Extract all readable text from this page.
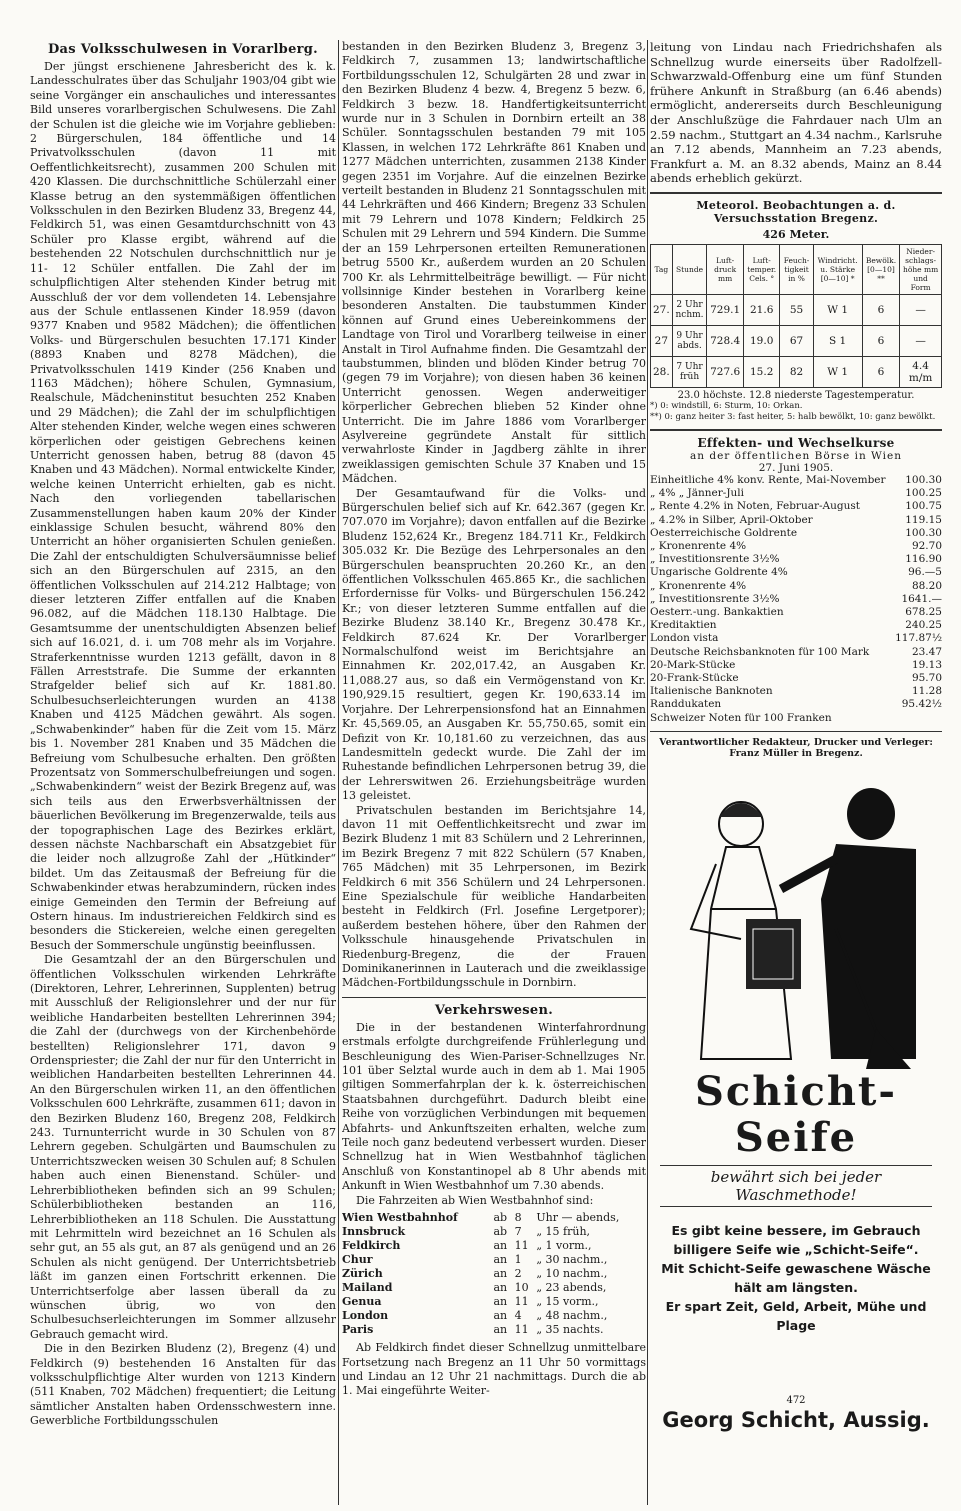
Das Volksschulwesen in Vorarlberg.

Der jüngst erschienene Jahresbericht des k. k. Landesschulrates über das Schuljahr 1903/04 gibt wie seine Vorgänger ein anschauliches und interessantes Bild unseres vorarlbergischen Schulwesens. Die Zahl der Schulen ist die gleiche wie im Vorjahre geblieben: 2 Bürgerschulen, 184 öffentliche und 14 Privatvolksschulen (davon 11 mit Oeffentlichkeitsrecht), zusammen 200 Schulen mit 420 Klassen. Die durchschnittliche Schülerzahl einer Klasse betrug an den systemmäßigen öffentlichen Volksschulen in den Bezirken Bludenz 33, Bregenz 44, Feldkirch 51, was einen Gesamtdurchschnitt von 43 Schüler pro Klasse ergibt, während auf die bestehenden 22 Notschulen durchschnittlich nur je 11- 12 Schüler entfallen. Die Zahl der im schulpflichtigen Alter stehenden Kinder betrug mit Ausschluß der vor dem vollendeten 14. Lebensjahre aus der Schule entlassenen Kinder 18.959 (davon 9377 Knaben und 9582 Mädchen); die öffentlichen Volks- und Bürgerschulen besuchten 17.171 Kinder (8893 Knaben und 8278 Mädchen), die Privatvolksschulen 1419 Kinder (256 Knaben und 1163 Mädchen); höhere Schulen, Gymnasium, Realschule, Mädcheninstitut besuchten 252 Knaben und 29 Mädchen); die Zahl der im schulpflichtigen Alter stehenden Kinder, welche wegen eines schweren körperlichen oder geistigen Gebrechens keinen Unterricht genossen haben, betrug 88 (davon 45 Knaben und 43 Mädchen). Normal entwickelte Kinder, welche keinen Unterricht erhielten, gab es nicht. Nach den vorliegenden tabellarischen Zusammenstellungen haben kaum 20% der Kinder einklassige Schulen besucht, während 80% den Unterricht an höher organisierten Schulen genießen. Die Zahl der entschuldigten Schulversäumnisse belief sich an den Bürgerschulen auf 2315, an den öffentlichen Volksschulen auf 214.212 Halbtage; von dieser letzteren Ziffer entfallen auf die Knaben 96.082, auf die Mädchen 118.130 Halbtage. Die Gesamtsumme der unentschuldigten Absenzen belief sich auf 16.021, d. i. um 708 mehr als im Vorjahre. Straferkenntnisse wurden 1213 gefällt, davon in 8 Fällen Arreststrafe. Die Summe der erkannten Strafgelder belief sich auf Kr. 1881.80. Schulbesuchserleichterungen wurden an 4138 Knaben und 4125 Mädchen gewährt. Als sogen. „Schwabenkinder“ haben für die Zeit vom 15. März bis 1. November 281 Knaben und 35 Mädchen die Befreiung vom Schulbesuche erhalten. Den größten Prozentsatz von Sommerschulbefreiungen und sogen. „Schwabenkindern“ weist der Bezirk Bregenz auf, was sich teils aus den Erwerbsverhältnissen der bäuerlichen Bevölkerung im Bregenzerwalde, teils aus der topographischen Lage des Bezirkes erklärt, dessen nächste Nachbarschaft ein Absatzgebiet für die leider noch allzugroße Zahl der „Hütkinder“ bildet. Um das Zeitausmaß der Befreiung für die Schwabenkinder etwas herabzumindern, rücken indes einige Gemeinden den Termin der Befreiung auf Ostern hinaus. Im industriereichen Feldkirch sind es besonders die Stickereien, welche einen geregelten Besuch der Sommerschule ungünstig beeinflussen.

Die Gesamtzahl der an den Bürgerschulen und öffentlichen Volksschulen wirkenden Lehrkräfte (Direktoren, Lehrer, Lehrerinnen, Supplenten) betrug mit Ausschluß der Religionslehrer und der nur für weibliche Handarbeiten bestellten Lehrerinnen 394; die Zahl der (durchwegs von der Kirchenbehörde bestellten) Religionslehrer 171, davon 9 Ordenspriester; die Zahl der nur für den Unterricht in weiblichen Handarbeiten bestellten Lehrerinnen 44. An den Bürgerschulen wirken 11, an den öffentlichen Volksschulen 600 Lehrkräfte, zusammen 611; davon in den Bezirken Bludenz 160, Bregenz 208, Feldkirch 243. Turnunterricht wurde in 30 Schulen von 87 Lehrern gegeben. Schulgärten und Baumschulen zu Unterrichtszwecken weisen 30 Schulen auf; 8 Schulen haben auch einen Bienenstand. Schüler- und Lehrerbibliotheken befinden sich an 99 Schulen; Schülerbibliotheken bestanden an 116, Lehrerbibliotheken an 118 Schulen. Die Ausstattung mit Lehrmitteln wird bezeichnet an 16 Schulen als sehr gut, an 55 als gut, an 87 als genügend und an 26 Schulen als nicht genügend. Der Unterrichtsbetrieb läßt im ganzen einen Fortschritt erkennen. Die Unterrichtserfolge aber lassen überall da zu wünschen übrig, wo von den Schulbesuchserleichterungen im Sommer allzusehr Gebrauch gemacht wird.

Die in den Bezirken Bludenz (2), Bregenz (4) und Feldkirch (9) bestehenden 16 Anstalten für das volksschulpflichtige Alter wurden von 1213 Kindern (511 Knaben, 702 Mädchen) frequentiert; die Leitung sämtlicher Anstalten haben Ordensschwestern inne. Gewerbliche Fortbildungsschulen

bestanden in den Bezirken Bludenz 3, Bregenz 3, Feldkirch 7, zusammen 13; landwirtschaftliche Fortbildungsschulen 12, Schulgärten 28 und zwar in den Bezirken Bludenz 4 bezw. 4, Bregenz 5 bezw. 6, Feldkirch 3 bezw. 18. Handfertigkeitsunterricht wurde nur in 3 Schulen in Dornbirn erteilt an 38 Schüler. Sonntagsschulen bestanden 79 mit 105 Klassen, in welchen 172 Lehrkräfte 861 Knaben und 1277 Mädchen unterrichten, zusammen 2138 Kinder gegen 2351 im Vorjahre. Auf die einzelnen Bezirke verteilt bestanden in Bludenz 21 Sonntagsschulen mit 44 Lehrkräften und 466 Kindern; Bregenz 33 Schulen mit 79 Lehrern und 1078 Kindern; Feldkirch 25 Schulen mit 29 Lehrern und 594 Kindern. Die Summe der an 159 Lehrpersonen erteilten Remunerationen betrug 5500 Kr., außerdem wurden an 20 Schulen 700 Kr. als Lehrmittelbeiträge bewilligt. — Für nicht vollsinnige Kinder bestehen in Vorarlberg keine besonderen Anstalten. Die taubstummen Kinder können auf Grund eines Uebereinkommens der Landtage von Tirol und Vorarlberg teilweise in einer Anstalt in Tirol Aufnahme finden. Die Gesamtzahl der taubstummen, blinden und blöden Kinder betrug 70 (gegen 79 im Vorjahre); von diesen haben 36 keinen Unterricht genossen. Wegen anderweitiger körperlicher Gebrechen blieben 52 Kinder ohne Unterricht. Die im Jahre 1886 vom Vorarlberger Asylvereine gegründete Anstalt für sittlich verwahrloste Kinder in Jagdberg zählte in ihrer zweiklassigen gemischten Schule 37 Knaben und 15 Mädchen.

Der Gesamtaufwand für die Volks- und Bürgerschulen belief sich auf Kr. 642.367 (gegen Kr. 707.070 im Vorjahre); davon entfallen auf die Bezirke Bludenz 152,624 Kr., Bregenz 184.711 Kr., Feldkirch 305.032 Kr. Die Bezüge des Lehrpersonales an den Bürgerschulen beanspruchten 20.260 Kr., an den öffentlichen Volksschulen 465.865 Kr., die sachlichen Erfordernisse für Volks- und Bürgerschulen 156.242 Kr.; von dieser letzteren Summe entfallen auf die Bezirke Bludenz 38.140 Kr., Bregenz 30.478 Kr., Feldkirch 87.624 Kr. Der Vorarlberger Normalschulfond weist im Berichtsjahre an Einnahmen Kr. 202,017.42, an Ausgaben Kr. 11,088.27 aus, so daß ein Vermögenstand von Kr. 190,929.15 resultiert, gegen Kr. 190,633.14 im Vorjahre. Der Lehrerpensionsfond hat an Einnahmen Kr. 45,569.05, an Ausgaben Kr. 55,750.65, somit ein Defizit von Kr. 10,181.60 zu verzeichnen, das aus Landesmitteln gedeckt wurde. Die Zahl der im Ruhestande befindlichen Lehrpersonen betrug 39, die der Lehrerswitwen 26. Erziehungsbeiträge wurden 13 geleistet.

Privatschulen bestanden im Berichtsjahre 14, davon 11 mit Oeffentlichkeitsrecht und zwar im Bezirk Bludenz 1 mit 83 Schülern und 2 Lehrerinnen, im Bezirk Bregenz 7 mit 822 Schülern (57 Knaben, 765 Mädchen) mit 35 Lehrpersonen, im Bezirk Feldkirch 6 mit 356 Schülern und 24 Lehrpersonen. Eine Spezialschule für weibliche Handarbeiten besteht in Feldkirch (Frl. Josefine Lergetporer); außerdem bestehen höhere, über den Rahmen der Volksschule hinausgehende Privatschulen in Riedenburg-Bregenz, die der Frauen Dominikanerinnen in Lauterach und die zweiklassige Mädchen-Fortbildungsschule in Dornbirn.

Verkehrswesen.

Die in der bestandenen Winterfahrordnung erstmals erfolgte durchgreifende Frühlerlegung und Beschleunigung des Wien-Pariser-Schnellzuges Nr. 101 über Selztal wurde auch in dem ab 1. Mai 1905 giltigen Sommerfahrplan der k. k. österreichischen Staatsbahnen durchgeführt. Dadurch bleibt eine Reihe von vorzüglichen Verbindungen mit bequemen Abfahrts- und Ankunftszeiten erhalten, welche zum Teile noch ganz bedeutend verbessert wurden. Dieser Schnellzug hat in Wien Westbahnhof täglichen Anschluß von Konstantinopel ab 8 Uhr abends mit Ankunft in Wien Westbahnhof um 7.30 abends.

Die Fahrzeiten ab Wien Westbahnhof sind:

Wien Westbahnhof	ab	8	Uhr — abends,
Innsbruck	ab	7	„ 15 früh,
Feldkirch	an	11	„ 1 vorm.,
Chur	an	1	„ 30 nachm.,
Zürich	an	2	„ 10 nachm.,
Mailand	an	10	„ 23 abends,
Genua	an	11	„ 15 vorm.,
London	an	4	„ 48 nachm.,
Paris	an	11	„ 35 nachts.

Ab Feldkirch findet dieser Schnellzug unmittelbare Fortsetzung nach Bregenz an 11 Uhr 50 vormittags und Lindau an 12 Uhr 21 nachmittags. Durch die ab 1. Mai eingeführte Weiter-

leitung von Lindau nach Friedrichshafen als Schnellzug wurde einerseits über Radolfzell-Schwarzwald-Offenburg eine um fünf Stunden frühere Ankunft in Straßburg (an 6.46 abends) ermöglicht, andererseits durch Beschleunigung der Anschlußzüge die Fahrdauer nach Ulm an 2.59 nachm., Stuttgart an 4.34 nachm., Karlsruhe an 7.12 abends, Mannheim an 7.23 abends, Frankfurt a. M. an 8.32 abends, Mainz an 8.44 abends erheblich gekürzt.

Meteorol. Beobachtungen a. d. Versuchsstation Bregenz.
426 Meter.
Tag	Stunde	Luft-druck mm	Luft-temper. Cels. °	Feuch-tigkeit in %	Windricht. u. Stärke [0—10] *	Bewölk. [0—10] **	Nieder-schlags-höhe mm und Form
27.	2 Uhr nchm.	729.1	21.6	55	W 1	6	—
27	9 Uhr abds.	728.4	19.0	67	S 1	6	—
28.	7 Uhr früh	727.6	15.2	82	W 1	6	4.4 m/m
23.0 höchste. 12.8 niederste Tagestemperatur.
*) 0: windstill, 6: Sturm, 10: Orkan.
**) 0: ganz heiter 3: fast heiter, 5: halb bewölkt, 10: ganz bewölkt.
Effekten- und Wechselkurse
an der öffentlichen Börse in Wien
27. Juni 1905.
Einheitliche 4% konv. Rente, Mai-November	100.30
„ 4% „ Jänner-Juli	100.25
„ Rente 4.2% in Noten, Februar-August	100.75
„ 4.2% in Silber, April-Oktober	119.15
Oesterreichische Goldrente	100.30
„ Kronenrente 4%	92.70
„ Investitionsrente 3½%	116.90
Ungarische Goldrente 4%	96.—5
„ Kronenrente 4%	88.20
„ Investitionsrente 3½%	1641.—
Oesterr.-ung. Bankaktien	678.25
Kreditaktien	240.25
London vista	117.87½
Deutsche Reichsbanknoten für 100 Mark	23.47
20-Mark-Stücke	19.13
20-Frank-Stücke	95.70
Italienische Banknoten	11.28
Randdukaten	95.42½
Schweizer Noten für 100 Franken	
Verantwortlicher Redakteur, Drucker und Verleger:
Franz Müller in Bregenz.
Schicht-
Seife
bewährt sich bei jeder Waschmethode!
Es gibt keine bessere, im Gebrauch
billigere Seife wie „Schicht-Seife“.
Mit Schicht-Seife gewaschene Wäsche
hält am längsten.
Er spart Zeit, Geld, Arbeit, Mühe und Plage
472
Georg Schicht, Aussig.
